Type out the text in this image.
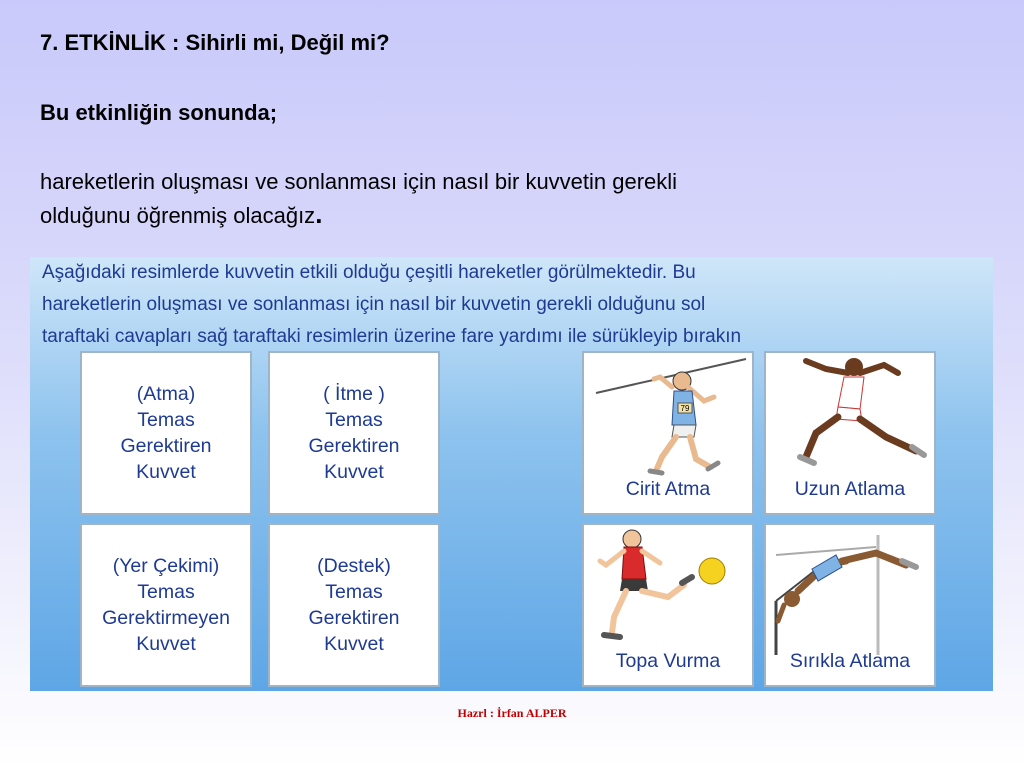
7. ETKİNLİK : Sihirli mi, Değil mi?
Bu etkinliğin sonunda;

hareketlerin oluşması ve sonlanması için nasıl bir kuvvetin gerekli
olduğunu öğrenmiş olacağız.

Aşağıdaki resimlerde kuvvetin etkili olduğu çeşitli hareketler görülmektedir. Bu
hareketlerin oluşması ve sonlanması için nasıl bir kuvvetin gerekli olduğunu sol
taraftaki cavapları sağ taraftaki resimlerin üzerine fare yardımı ile sürükleyip bırakın

(Atma)
Temas
Gerektiren
Kuvvet
( İtme )
Temas
Gerektiren
Kuvvet
(Yer Çekimi)
Temas
Gerektirmeyen
Kuvvet
(Destek)
Temas
Gerektiren
Kuvvet
79
Cirit Atma	Uzun Atlama
Topa Vurma	Sırıkla Atlama
Hazrl : İrfan ALPER
